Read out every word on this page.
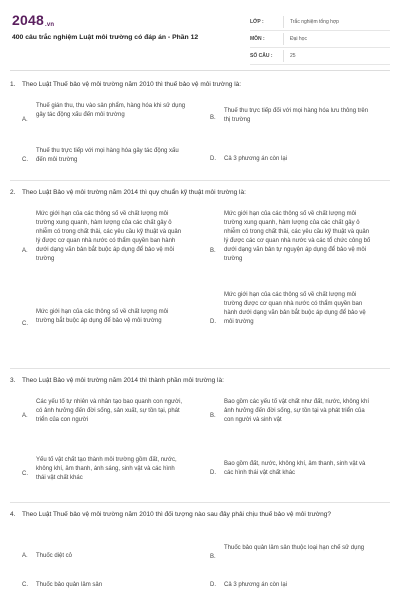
2048.vn
400 câu trắc nghiệm Luật môi trường có đáp án - Phần 12
LỚP :	Trắc nghiệm tổng hợp
MÔN :	Đại học
SỐ CÂU :	25
1.	Theo Luật Thuế bảo vệ môi trường năm 2010 thì thuế bảo vệ môi trường là:
A.
Thuế gián thu, thu vào sản phẩm, hàng hóa khi sử dụng gây tác động xấu đến môi trường	B.
Thuế thu trực tiếp đối với mọi hàng hóa lưu thông trên thị trường
C.
Thuế thu trực tiếp với mọi hàng hóa gây tác động xấu đến môi trường	D.	Cả 3 phương án còn lại
2.	Theo Luật Bảo vệ môi trường năm 2014 thì quy chuẩn kỹ thuật môi trường là:
A.
Mức giới hạn của các thông số về chất lượng môi trường xung quanh, hàm lượng của các chất gây ô nhiễm có trong chất thải, các yêu cầu kỹ thuật và quản lý được cơ quan nhà nước có thẩm quyền ban hành dưới dạng văn bản bắt buộc áp dụng để bảo vệ môi trường
B.
Mức giới hạn của các thông số về chất lượng môi trường xung quanh, hàm lượng của các chất gây ô nhiễm có trong chất thải, các yêu cầu kỹ thuật và quản lý được các cơ quan nhà nước và các tổ chức công bố dưới dạng văn bản tự nguyện áp dụng để bảo vệ môi trường
C.
Mức giới hạn của các thông số về chất lượng môi trường bắt buộc áp dụng để bảo vệ môi trường	D.
Mức giới hạn của các thông số về chất lượng môi trường được cơ quan nhà nước có thẩm quyền ban hành dưới dạng văn bản bắt buộc áp dụng để bảo vệ môi trường
3.	Theo Luật Bảo vệ môi trường năm 2014 thì thành phần môi trường là:
A.
Các yếu tố tự nhiên và nhân tạo bao quanh con người, có ảnh hưởng đến đời sống, sản xuất, sự tồn tại, phát triển của con người
B.
Bao gồm các yếu tố vật chất như đất, nước, không khí ảnh hưởng đến đời sống, sự tồn tại và phát triển của con người và sinh vật
C.
Yếu tố vật chất tạo thành môi trường gồm đất, nước, không khí, âm thanh, ánh sáng, sinh vật và các hình thái vật chất khác
D.
Bao gồm đất, nước, không khí, âm thanh, sinh vật và các hình thái vật chất khác
4.	Theo Luật Thuế bảo vệ môi trường năm 2010 thì đối tượng nào sau đây phải chịu thuế bảo vệ môi trường?
A.	Thuốc diệt cỏ	B.
Thuốc bảo quản lâm sản thuộc loại hạn chế sử dụng
C.	Thuốc bảo quản lâm sản	D.	Cả 3 phương án còn lại
